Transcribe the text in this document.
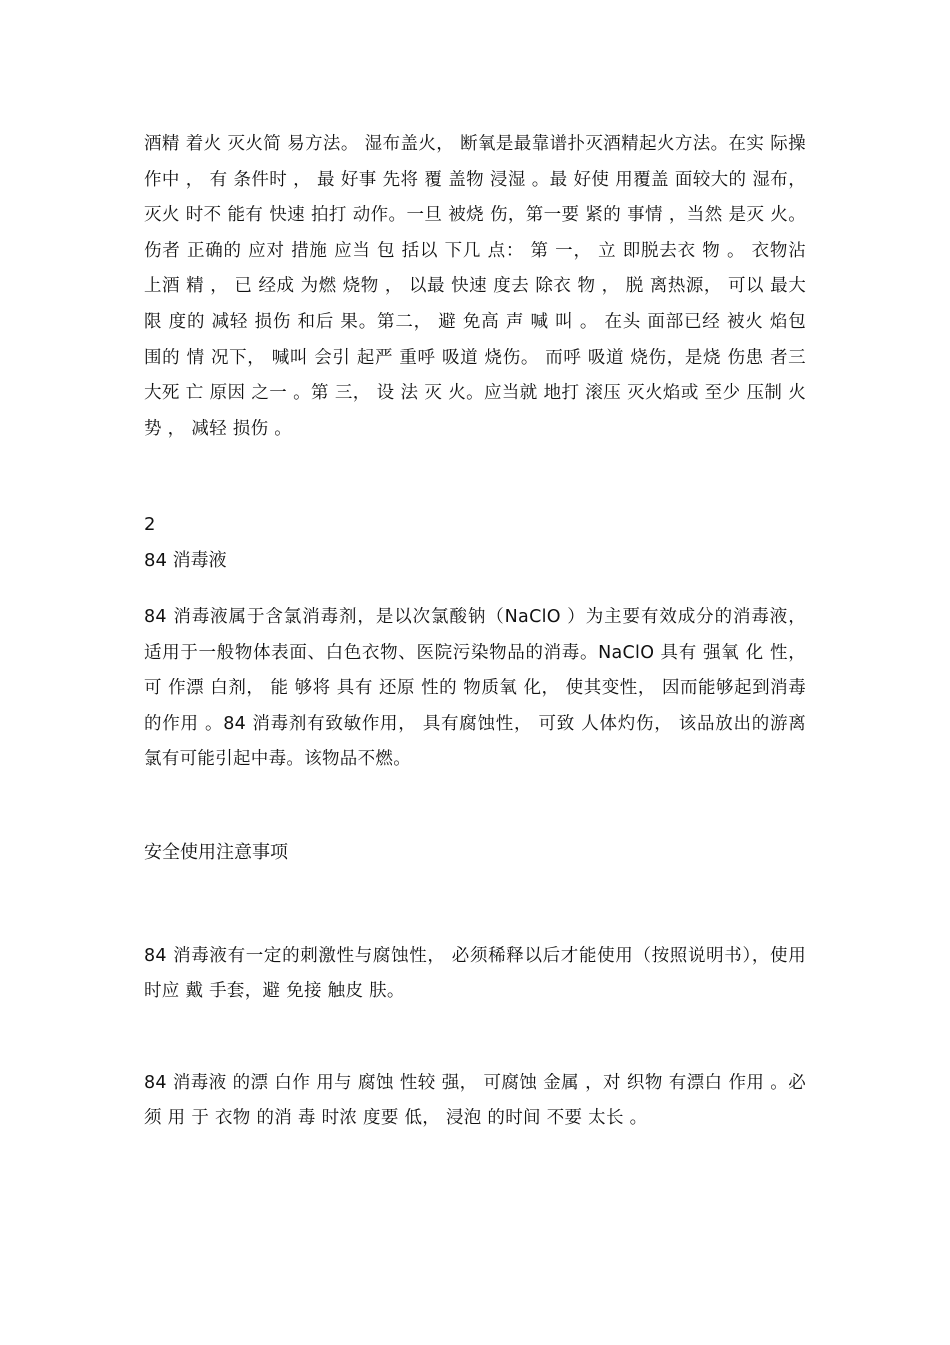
酒精 着火 灭火简 易方法。 湿布盖火， 断氧是最靠谱扑灭酒精起火方法。在实 际操 作中 ， 有 条件时 ， 最 好事 先将 覆 盖物 浸湿 。最 好使 用覆盖 面较大的 湿布， 灭火 时不 能有 快速 拍打 动作。一旦 被烧 伤，第一要 紧的 事情 ，当然 是灭 火。伤者 正确的 应对 措施 应当 包 括以 下几 点： 第 一， 立 即脱去衣 物 。 衣物沾 上酒 精 ， 已 经成 为燃 烧物 ， 以最 快速 度去 除衣 物 ， 脱 离热源， 可以 最大限 度的 减轻 损伤 和后 果。第二， 避 免高 声 喊 叫 。 在头 面部已经 被火 焰包 围的 情 况下， 喊叫 会引 起严 重呼 吸道 烧伤。 而呼 吸道 烧伤，是烧 伤患 者三 大死 亡 原因 之一 。第 三， 设 法 灭 火。应当就 地打 滚压 灭火焰或 至少 压制 火势 ， 减轻 损伤 。

2
84 消毒液

84 消毒液属于含氯消毒剂，是以次氯酸钠（NaClO ）为主要有效成分的消毒液， 适用于一般物体表面、白色衣物、医院污染物品的消毒。NaClO 具有 强氧 化 性， 可 作漂 白剂， 能 够将 具有 还原 性的 物质氧 化， 使其变性， 因而能够起到消毒的作用 。84 消毒剂有致敏作用， 具有腐蚀性， 可致 人体灼伤， 该品放出的游离氯有可能引起中毒。该物品不燃。

安全使用注意事项

84 消毒液有一定的刺激性与腐蚀性， 必须稀释以后才能使用（按照说明书），使用 时应 戴 手套，避 免接 触皮 肤。

84 消毒液 的漂 白作 用与 腐蚀 性较 强， 可腐蚀 金属 ，对 织物 有漂白 作用 。必须 用 于 衣物 的消 毒 时浓 度要 低， 浸泡 的时间 不要 太长 。
